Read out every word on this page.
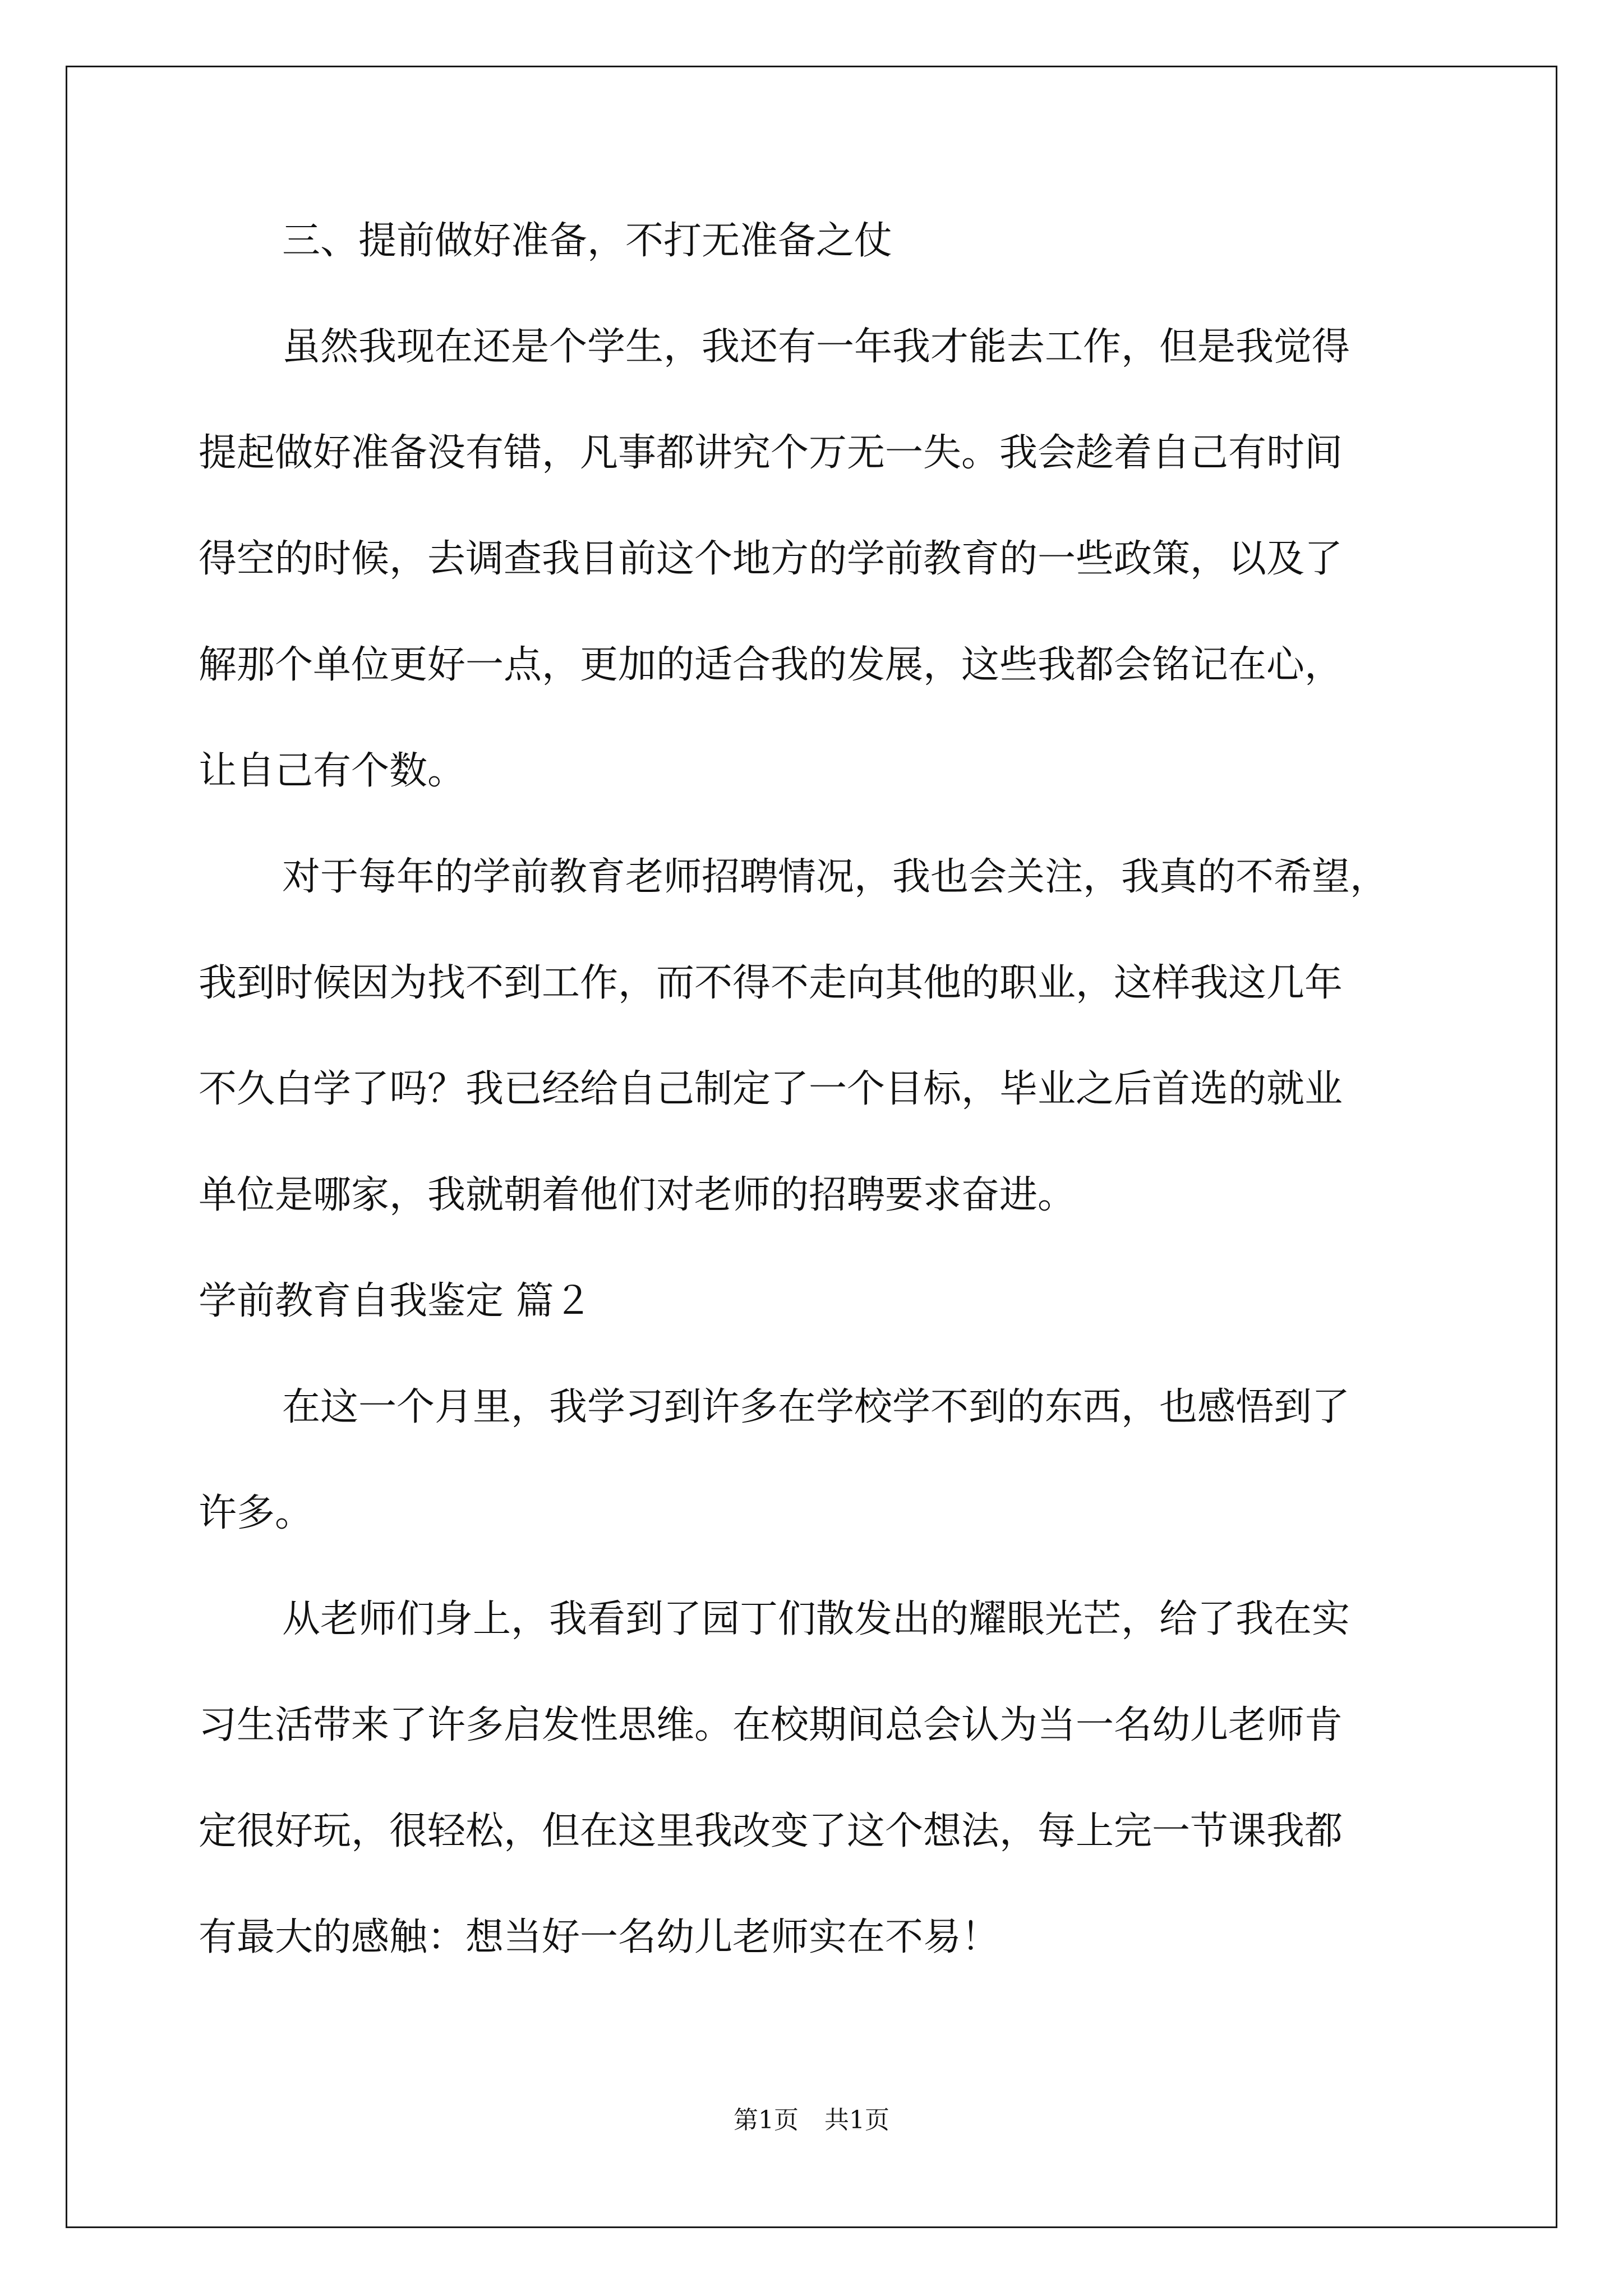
三、提前做好准备，不打无准备之仗
虽然我现在还是个学生，我还有一年我才能去工作，但是我觉得
提起做好准备没有错，凡事都讲究个万无一失。我会趁着自己有时间
得空的时候，去调查我目前这个地方的学前教育的一些政策，以及了
解那个单位更好一点，更加的适合我的发展，这些我都会铭记在心，
让自己有个数。
对于每年的学前教育老师招聘情况，我也会关注，我真的不希望，
我到时候因为找不到工作，而不得不走向其他的职业，这样我这几年
不久白学了吗？我已经给自己制定了一个目标，毕业之后首选的就业
单位是哪家，我就朝着他们对老师的招聘要求奋进。
学前教育自我鉴定 篇２
在这一个月里，我学习到许多在学校学不到的东西，也感悟到了
许多。
从老师们身上，我看到了园丁们散发出的耀眼光芒，给了我在实
习生活带来了许多启发性思维。在校期间总会认为当一名幼儿老师肯
定很好玩，很轻松，但在这里我改变了这个想法，每上完一节课我都
有最大的感触：想当好一名幼儿老师实在不易！
第1页 共1页
